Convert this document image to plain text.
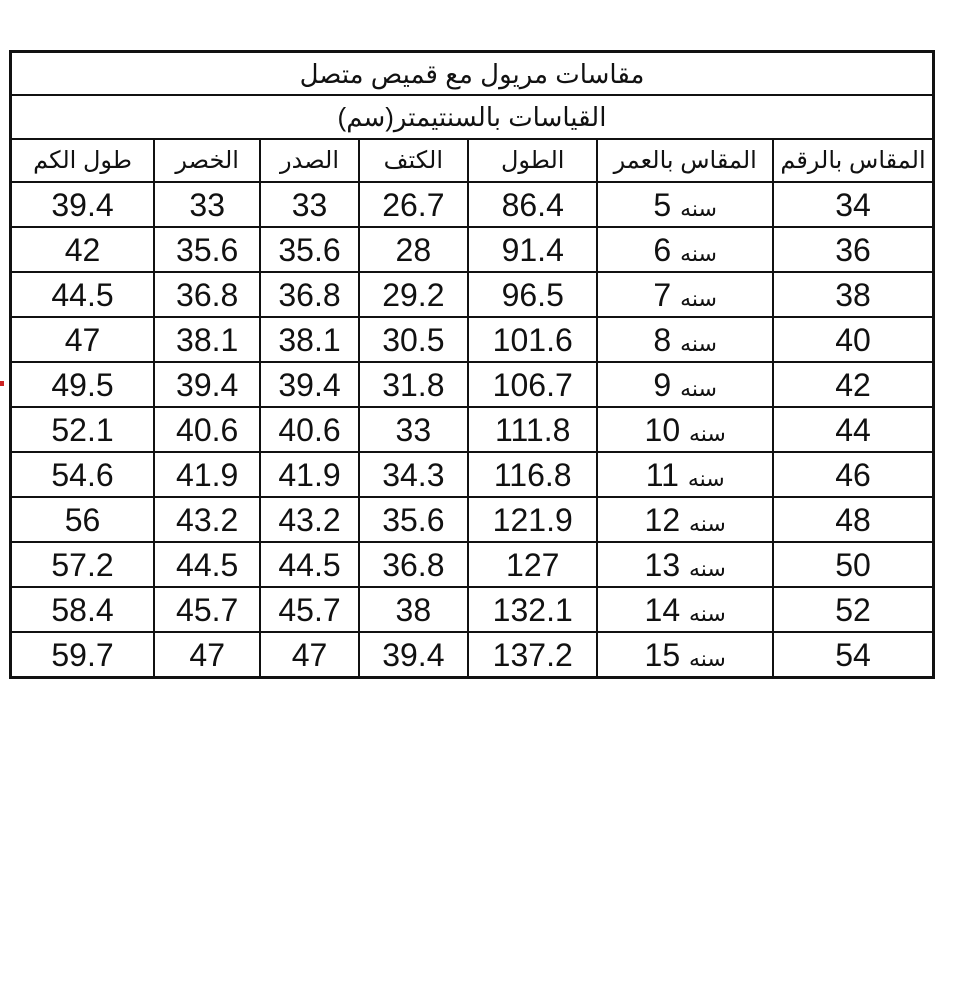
مقاسات مريول مع قميص متصل						
القياسات بالسنتيمتر(سم)						
المقاس بالرقم	المقاس بالعمر	الطول	الكتف	الصدر	الخصر	طول الكم
34	سنه 5	86.4	26.7	33	33	39.4
36	سنه 6	91.4	28	35.6	35.6	42
38	سنه 7	96.5	29.2	36.8	36.8	44.5
40	سنه 8	101.6	30.5	38.1	38.1	47
42	سنه 9	106.7	31.8	39.4	39.4	49.5
44	سنه 10	111.8	33	40.6	40.6	52.1
46	سنه 11	116.8	34.3	41.9	41.9	54.6
48	سنه 12	121.9	35.6	43.2	43.2	56
50	سنه 13	127	36.8	44.5	44.5	57.2
52	سنه 14	132.1	38	45.7	45.7	58.4
54	سنه 15	137.2	39.4	47	47	59.7
